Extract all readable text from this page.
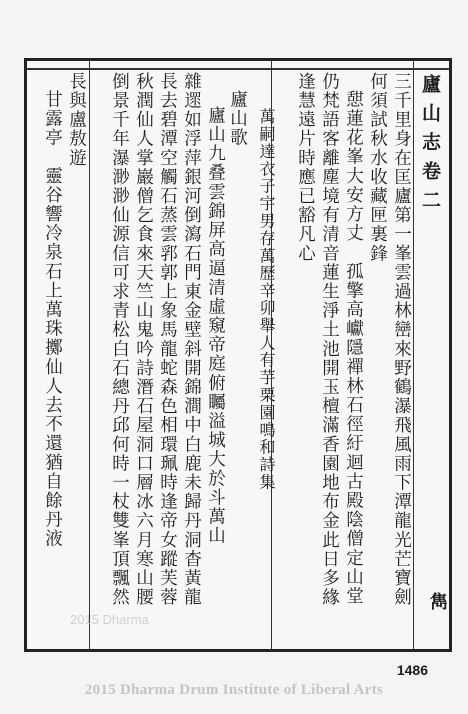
廬山志卷二
三千里身在匡廬第一峯雲過林巒來野鶴瀑飛風雨下潭龍光芒寶劍
何須試秋水收藏匣裏鋒
憇蓮花峯大安方丈　孤擎高巘隱禪林石徑紆迴古殿陰僧定山堂
仍梵語客離塵境有清音蓮生淨土池開玉檀滿香園地布金此日多緣
逢慧遠片時應已豁凡心
萬嗣達衣子宇男存萬歷辛卯舉人有芋栗園鳴和詩集
廬山歌
廬山九叠雲錦屏高逼清虛窺帝庭俯矚溢城大於斗萬山
雜遝如浮萍銀河倒瀉石門東金壁斜開錦澗中白鹿未歸丹洞杳黃龍
長去碧潭空觸石蒸雲郛郭上象馬龍蛇森色相環珮時逢帝女蹤芙蓉
秋潤仙人掌巖僧乞食來天竺山鬼吟詩潛石屋洞口層冰六月寒山腰
倒景千年瀑渺渺仙源信可求青松白石總丹邱何時一杖雙峯頂飄然
長與盧敖遊
甘露亭　靈谷響冷泉石上萬珠擲仙人去不還猶自餘丹液
雋
2015 Dharma
1486
2015 Dharma Drum Institute of Liberal Arts
